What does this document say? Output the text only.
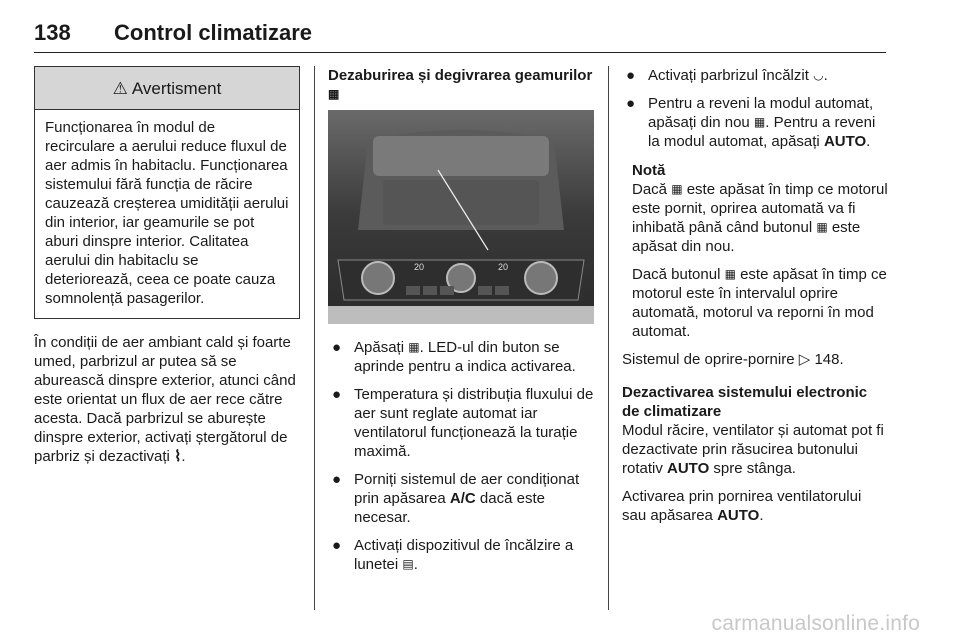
138 Control climatizare
⚠ Avertisment
Funcționarea în modul de recirculare a aerului reduce fluxul de aer admis în habitaclu. Funcționarea sistemului fără funcția de răcire cauzează creșterea umidității aerului din interior, iar geamurile se pot aburi dinspre interior. Calitatea aerului din habitaclu se deteriorează, ceea ce poate cauza somnolență pasagerilor.

În condiții de aer ambiant cald și foarte umed, parbrizul ar putea să se aburească dinspre exterior, atunci când este orientat un flux de aer rece către acesta. Dacă parbrizul se aburește dinspre exterior, activați ștergătorul de parbriz și dezactivați ⌇.

Dezaburirea și degivrarea geamurilor ▦
20	20
● Apăsați ▦. LED-ul din buton se aprinde pentru a indica activarea.
● Temperatura și distribuția fluxului de aer sunt reglate automat iar ventilatorul funcționează la turație maximă.
● Porniți sistemul de aer condiționat prin apăsarea A/C dacă este necesar.
● Activați dispozitivul de încălzire a lunetei ▤.
● Activați parbrizul încălzit ◡.
● Pentru a reveni la modul automat, apăsați din nou ▦. Pentru a reveni la modul automat, apăsați AUTO.
Notă

Dacă ▦ este apăsat în timp ce motorul este pornit, oprirea automată va fi inhibată până când butonul ▦ este apăsat din nou.

Dacă butonul ▦ este apăsat în timp ce motorul este în intervalul oprire automată, motorul va reporni în mod automat.

Sistemul de oprire-pornire ▷ 148.

Dezactivarea sistemului electronic de climatizare

Modul răcire, ventilator și automat pot fi dezactivate prin răsucirea butonului rotativ AUTO spre stânga.

Activarea prin pornirea ventilatorului sau apăsarea AUTO.

carmanualsonline.info
